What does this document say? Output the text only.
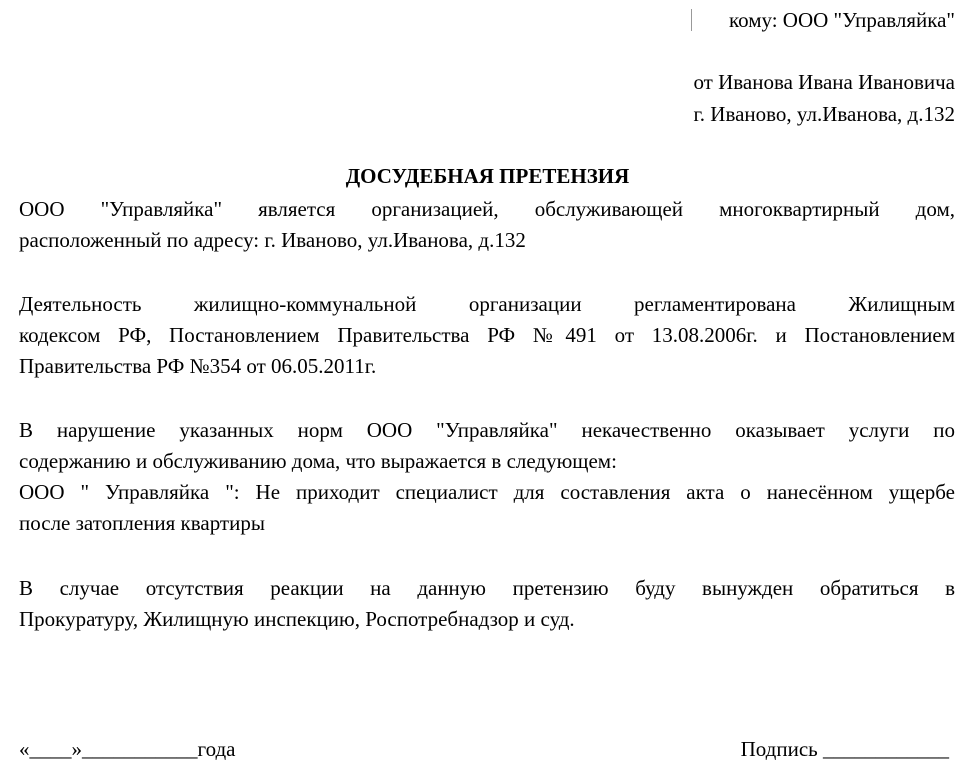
кому: ООО "Управляйка"
от Иванова Ивана Ивановича
г. Иваново, ул.Иванова, д.132
ДОСУДЕБНАЯ ПРЕТЕНЗИЯ
ООО "Управляйка" является организацией, обслуживающей многоквартирный дом,
расположенный по адресу: г. Иваново, ул.Иванова, д.132
Деятельность жилищно-коммунальной организации регламентирована Жилищным
кодексом РФ, Постановлением Правительства РФ №491 от 13.08.2006г. и Постановлением
Правительства РФ №354 от 06.05.2011г.
В нарушение указанных норм ООО "Управляйка" некачественно оказывает услуги по
содержанию и обслуживанию дома, что выражается в следующем:
ООО " Управляйка ": Не приходит специалист для составления акта о нанесённом ущербе
после затопления квартиры
В случае отсутствия реакции на данную претензию буду вынужден обратиться в
Прокуратуру, Жилищную инспекцию, Роспотребнадзор и суд.
«____»___________года	Подпись ____________
